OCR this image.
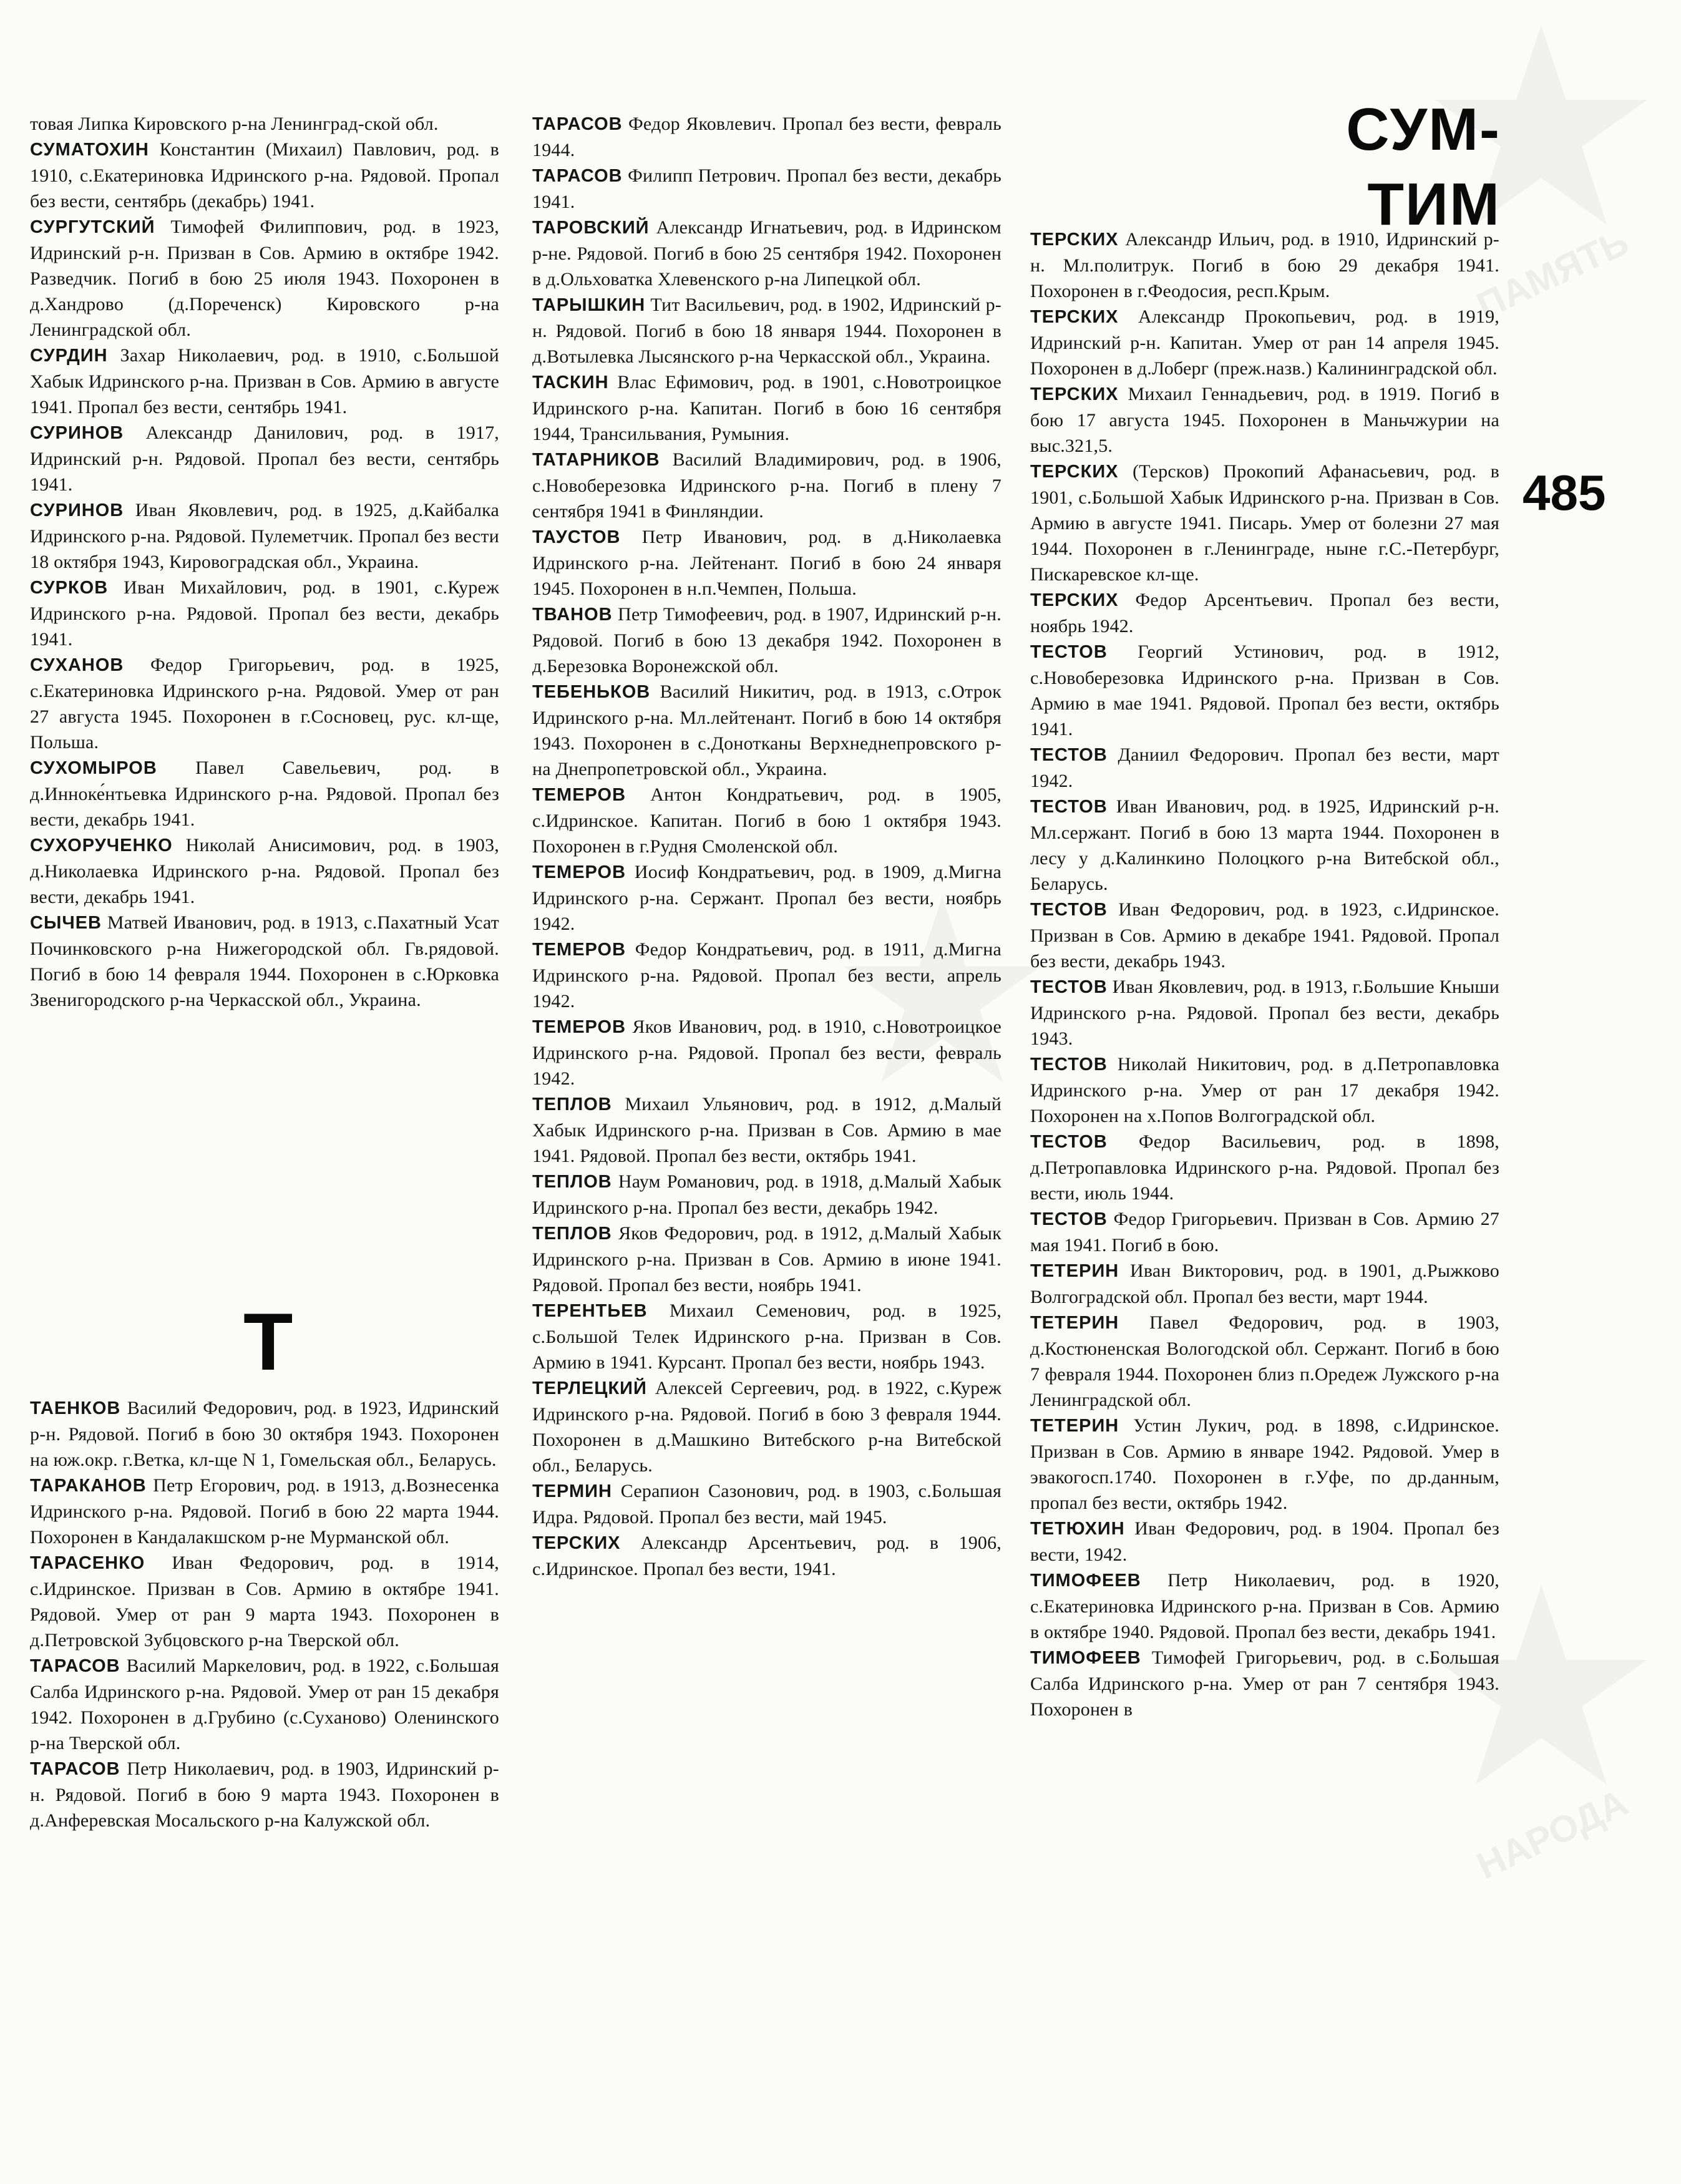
ПАМЯТЬ
НАРОДА
СУМ-ТИМ
485
Т

товая Липка Кировского р-на Ленинград-ской обл.

СУМАТОХИН Константин (Михаил) Павлович, род. в 1910, с.Екатериновка Идринского р-на. Рядовой. Пропал без вести, сентябрь (декабрь) 1941.

СУРГУТСКИЙ Тимофей Филиппович, род. в 1923, Идринский р-н. Призван в Сов. Армию в октябре 1942. Разведчик. Погиб в бою 25 июля 1943. Похоронен в д.Хандрово (д.Пореченск) Кировского р-на Ленинградской обл.

СУРДИН Захар Николаевич, род. в 1910, с.Большой Хабык Идринского р-на. Призван в Сов. Армию в августе 1941. Пропал без вести, сентябрь 1941.

СУРИНОВ Александр Данилович, род. в 1917, Идринский р-н. Рядовой. Пропал без вести, сентябрь 1941.

СУРИНОВ Иван Яковлевич, род. в 1925, д.Кайбалка Идринского р-на. Рядовой. Пулеметчик. Пропал без вести 18 октября 1943, Кировоградская обл., Украина.

СУРКОВ Иван Михайлович, род. в 1901, с.Куреж Идринского р-на. Рядовой. Пропал без вести, декабрь 1941.

СУХАНОВ Федор Григорьевич, род. в 1925, с.Екатериновка Идринского р-на. Рядовой. Умер от ран 27 августа 1945. Похоронен в г.Сосновец, рус. кл-ще, Польша.

СУХОМЫРОВ Павел Савельевич, род. в д.Инноке́нтьевка Идринского р-на. Рядовой. Пропал без вести, декабрь 1941.

СУХОРУЧЕНКО Николай Анисимович, род. в 1903, д.Николаевка Идринского р-на. Рядовой. Пропал без вести, декабрь 1941.

СЫЧЕВ Матвей Иванович, род. в 1913, с.Пахатный Усат Починковского р-на Нижегородской обл. Гв.рядовой. Погиб в бою 14 февраля 1944. Похоронен в с.Юрковка Звенигородского р-на Черкасской обл., Украина.

ТАЕНКОВ Василий Федорович, род. в 1923, Идринский р-н. Рядовой. Погиб в бою 30 октября 1943. Похоронен на юж.окр. г.Ветка, кл-ще N 1, Гомельская обл., Беларусь.

ТАРАКАНОВ Петр Егорович, род. в 1913, д.Вознесенка Идринского р-на. Рядовой. Погиб в бою 22 марта 1944. Похоронен в Кандалакшском р-не Мурманской обл.

ТАРАСЕНКО Иван Федорович, род. в 1914, с.Идринское. Призван в Сов. Армию в октябре 1941. Рядовой. Умер от ран 9 марта 1943. Похоронен в д.Петровской Зубцовского р-на Тверской обл.

ТАРАСОВ Василий Маркелович, род. в 1922, с.Большая Салба Идринского р-на. Рядовой. Умер от ран 15 декабря 1942. Похоронен в д.Грубино (с.Суханово) Оленинского р-на Тверской обл.

ТАРАСОВ Петр Николаевич, род. в 1903, Идринский р-н. Рядовой. Погиб в бою 9 марта 1943. Похоронен в д.Анферевская Мосальского р-на Калужской обл.

ТАРАСОВ Федор Яковлевич. Пропал без вести, февраль 1944.

ТАРАСОВ Филипп Петрович. Пропал без вести, декабрь 1941.

ТАРОВСКИЙ Александр Игнатьевич, род. в Идринском р-не. Рядовой. Погиб в бою 25 сентября 1942. Похоронен в д.Ольховатка Хлевенского р-на Липецкой обл.

ТАРЫШКИН Тит Васильевич, род. в 1902, Идринский р-н. Рядовой. Погиб в бою 18 января 1944. Похоронен в д.Вотылевка Лысянского р-на Черкасской обл., Украина.

ТАСКИН Влас Ефимович, род. в 1901, с.Новотроицкое Идринского р-на. Капитан. Погиб в бою 16 сентября 1944, Трансильвания, Румыния.

ТАТАРНИКОВ Василий Владимирович, род. в 1906, с.Новоберезовка Идринского р-на. Погиб в плену 7 сентября 1941 в Финляндии.

ТАУСТОВ Петр Иванович, род. в д.Николаевка Идринского р-на. Лейтенант. Погиб в бою 24 января 1945. Похоронен в н.п.Чемпен, Польша.

ТВАНОВ Петр Тимофеевич, род. в 1907, Идринский р-н. Рядовой. Погиб в бою 13 декабря 1942. Похоронен в д.Березовка Воронежской обл.

ТЕБЕНЬКОВ Василий Никитич, род. в 1913, с.Отрок Идринского р-на. Мл.лейтенант. Погиб в бою 14 октября 1943. Похоронен в с.Донотканы Верхнеднепровского р-на Днепропетровской обл., Украина.

ТЕМЕРОВ Антон Кондратьевич, род. в 1905, с.Идринское. Капитан. Погиб в бою 1 октября 1943. Похоронен в г.Рудня Смоленской обл.

ТЕМЕРОВ Иосиф Кондратьевич, род. в 1909, д.Мигна Идринского р-на. Сержант. Пропал без вести, ноябрь 1942.

ТЕМЕРОВ Федор Кондратьевич, род. в 1911, д.Мигна Идринского р-на. Рядовой. Пропал без вести, апрель 1942.

ТЕМЕРОВ Яков Иванович, род. в 1910, с.Новотроицкое Идринского р-на. Рядовой. Пропал без вести, февраль 1942.

ТЕПЛОВ Михаил Ульянович, род. в 1912, д.Малый Хабык Идринского р-на. Призван в Сов. Армию в мае 1941. Рядовой. Пропал без вести, октябрь 1941.

ТЕПЛОВ Наум Романович, род. в 1918, д.Малый Хабык Идринского р-на. Пропал без вести, декабрь 1942.

ТЕПЛОВ Яков Федорович, род. в 1912, д.Малый Хабык Идринского р-на. Призван в Сов. Армию в июне 1941. Рядовой. Пропал без вести, ноябрь 1941.

ТЕРЕНТЬЕВ Михаил Семенович, род. в 1925, с.Большой Телек Идринского р-на. Призван в Сов. Армию в 1941. Курсант. Пропал без вести, ноябрь 1943.

ТЕРЛЕЦКИЙ Алексей Сергеевич, род. в 1922, с.Куреж Идринского р-на. Рядовой. Погиб в бою 3 февраля 1944. Похоронен в д.Машкино Витебского р-на Витебской обл., Беларусь.

ТЕРМИН Серапион Сазонович, род. в 1903, с.Большая Идра. Рядовой. Пропал без вести, май 1945.

ТЕРСКИХ Александр Арсентьевич, род. в 1906, с.Идринское. Пропал без вести, 1941.

ТЕРСКИХ Александр Ильич, род. в 1910, Идринский р-н. Мл.политрук. Погиб в бою 29 декабря 1941. Похоронен в г.Феодосия, респ.Крым.

ТЕРСКИХ Александр Прокопьевич, род. в 1919, Идринский р-н. Капитан. Умер от ран 14 апреля 1945. Похоронен в д.Лоберг (преж.назв.) Калининградской обл.

ТЕРСКИХ Михаил Геннадьевич, род. в 1919. Погиб в бою 17 августа 1945. Похоронен в Маньчжурии на выс.321,5.

ТЕРСКИХ (Терсков) Прокопий Афанасьевич, род. в 1901, с.Большой Хабык Идринского р-на. Призван в Сов. Армию в августе 1941. Писарь. Умер от болезни 27 мая 1944. Похоронен в г.Ленинграде, ныне г.С.-Петербург, Пискаревское кл-ще.

ТЕРСКИХ Федор Арсентьевич. Пропал без вести, ноябрь 1942.

ТЕСТОВ Георгий Устинович, род. в 1912, с.Новоберезовка Идринского р-на. Призван в Сов. Армию в мае 1941. Рядовой. Пропал без вести, октябрь 1941.

ТЕСТОВ Даниил Федорович. Пропал без вести, март 1942.

ТЕСТОВ Иван Иванович, род. в 1925, Идринский р-н. Мл.сержант. Погиб в бою 13 марта 1944. Похоронен в лесу у д.Калинкино Полоцкого р-на Витебской обл., Беларусь.

ТЕСТОВ Иван Федорович, род. в 1923, с.Идринское. Призван в Сов. Армию в декабре 1941. Рядовой. Пропал без вести, декабрь 1943.

ТЕСТОВ Иван Яковлевич, род. в 1913, г.Большие Кныши Идринского р-на. Рядовой. Пропал без вести, декабрь 1943.

ТЕСТОВ Николай Никитович, род. в д.Петропавловка Идринского р-на. Умер от ран 17 декабря 1942. Похоронен на х.Попов Волгоградской обл.

ТЕСТОВ Федор Васильевич, род. в 1898, д.Петропавловка Идринского р-на. Рядовой. Пропал без вести, июль 1944.

ТЕСТОВ Федор Григорьевич. Призван в Сов. Армию 27 мая 1941. Погиб в бою.

ТЕТЕРИН Иван Викторович, род. в 1901, д.Рыжково Волгоградской обл. Пропал без вести, март 1944.

ТЕТЕРИН Павел Федорович, род. в 1903, д.Костюненская Вологодской обл. Сержант. Погиб в бою 7 февраля 1944. Похоронен близ п.Оредеж Лужского р-на Ленинградской обл.

ТЕТЕРИН Устин Лукич, род. в 1898, с.Идринское. Призван в Сов. Армию в январе 1942. Рядовой. Умер в эвакогосп.1740. Похоронен в г.Уфе, по др.данным, пропал без вести, октябрь 1942.

ТЕТЮХИН Иван Федорович, род. в 1904. Пропал без вести, 1942.

ТИМОФЕЕВ Петр Николаевич, род. в 1920, с.Екатериновка Идринского р-на. Призван в Сов. Армию в октябре 1940. Рядовой. Пропал без вести, декабрь 1941.

ТИМОФЕЕВ Тимофей Григорьевич, род. в с.Большая Салба Идринского р-на. Умер от ран 7 сентября 1943. Похоронен в
